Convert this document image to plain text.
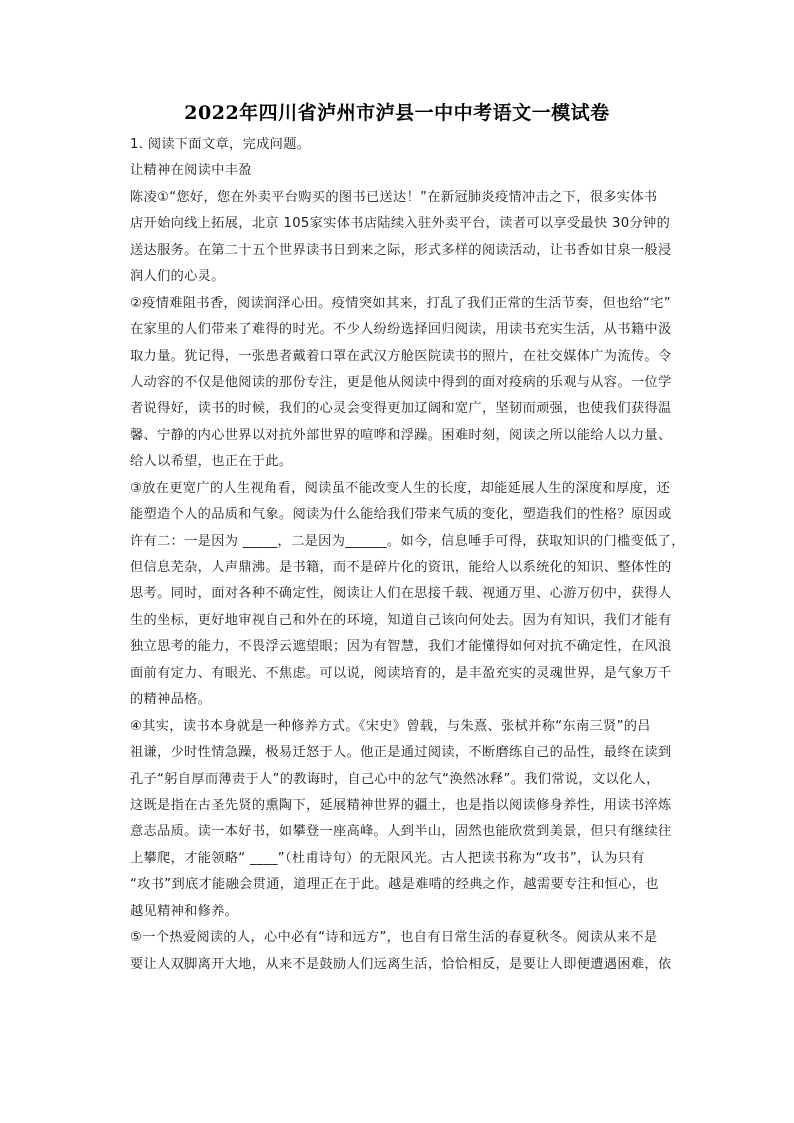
2022年四川省泸州市泸县一中中考语文一模试卷
1. 阅读下面文章，完成问题。
让精神在阅读中丰盈
陈凌①“您好，您在外卖平台购买的图书已送达！”在新冠肺炎疫情冲击之下，很多实体书
店开始向线上拓展，北京 105家实体书店陆续入驻外卖平台，读者可以享受最快 30分钟的
送达服务。在第二十五个世界读书日到来之际，形式多样的阅读活动，让书香如甘泉一般浸
润人们的心灵。
②疫情难阻书香，阅读润泽心田。疫情突如其来，打乱了我们正常的生活节奏，但也给“宅”
在家里的人们带来了难得的时光。不少人纷纷选择回归阅读，用读书充实生活，从书籍中汲
取力量。犹记得，一张患者戴着口罩在武汉方舱医院读书的照片，在社交媒体广为流传。令
人动容的不仅是他阅读的那份专注，更是他从阅读中得到的面对疫病的乐观与从容。一位学
者说得好，读书的时候，我们的心灵会变得更加辽阔和宽广，坚韧而顽强，也使我们获得温
馨、宁静的内心世界以对抗外部世界的喧哗和浮躁。困难时刻，阅读之所以能给人以力量、
给人以希望，也正在于此。
③放在更宽广的人生视角看，阅读虽不能改变人生的长度，却能延展人生的深度和厚度，还
能塑造个人的品质和气象。阅读为什么能给我们带来气质的变化，塑造我们的性格？原因或
许有二：一是因为 _____，二是因为______。如今，信息唾手可得，获取知识的门槛变低了，
但信息芜杂，人声鼎沸。是书籍，而不是碎片化的资讯，能给人以系统化的知识、整体性的
思考。同时，面对各种不确定性，阅读让人们在思接千载、视通万里、心游万仞中，获得人
生的坐标，更好地审视自己和外在的环境，知道自己该向何处去。因为有知识，我们才能有
独立思考的能力，不畏浮云遮望眼；因为有智慧，我们才能懂得如何对抗不确定性，在风浪
面前有定力、有眼光、不焦虑。可以说，阅读培育的，是丰盈充实的灵魂世界，是气象万千
的精神品格。
④其实，读书本身就是一种修养方式。《宋史》曾载，与朱熹、张栻并称“东南三贤”的吕
祖谦，少时性情急躁，极易迁怒于人。他正是通过阅读，不断磨练自己的品性，最终在读到
孔子“躬自厚而薄责于人”的教诲时，自己心中的忿气“涣然冰释”。我们常说，文以化人，
这既是指在古圣先贤的熏陶下，延展精神世界的疆土，也是指以阅读修身养性，用读书淬炼
意志品质。读一本好书，如攀登一座高峰。人到半山，固然也能欣赏到美景，但只有继续往
上攀爬，才能领略“ ____”（杜甫诗句）的无限风光。古人把读书称为“攻书”，认为只有
“攻书”到底才能融会贯通，道理正在于此。越是难啃的经典之作，越需要专注和恒心，也
越见精神和修养。
⑤一个热爱阅读的人，心中必有“诗和远方”，也自有日常生活的春夏秋冬。阅读从来不是
要让人双脚离开大地，从来不是鼓励人们远离生活，恰恰相反，是要让人即便遭遇困难，依
